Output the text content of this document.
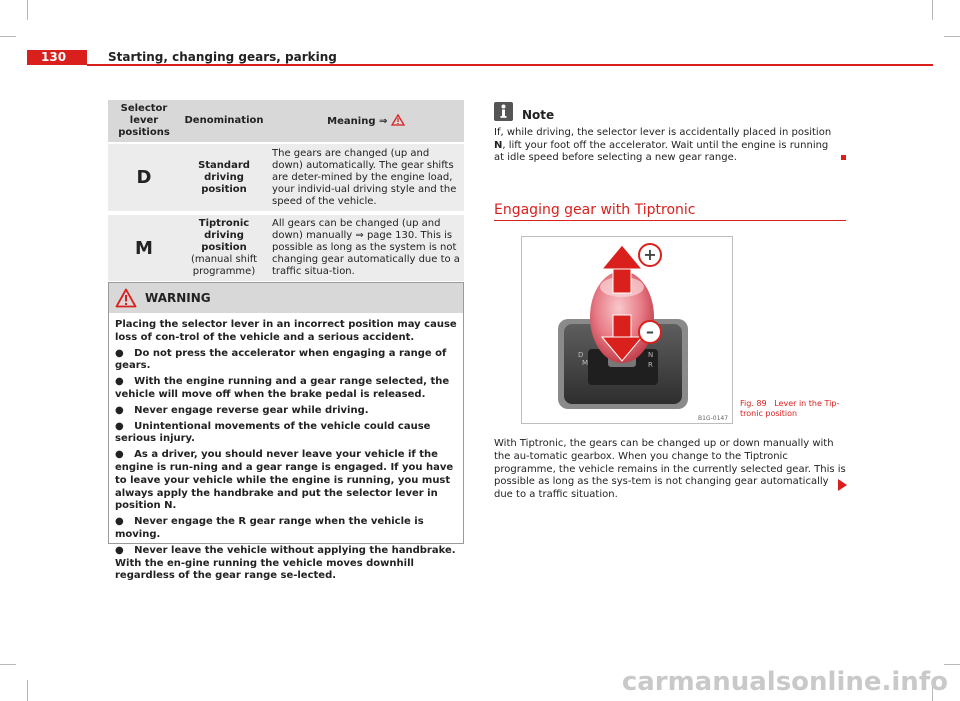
130	Starting, changing gears, parking
Selector lever positions	Denomination	Meaning ⇒
D	Standard driving position	The gears are changed (up and down) automatically. The gear shifts are deter-mined by the engine load, your individ-ual driving style and the speed of the vehicle.
M	Tiptronic driving position (manual shift programme)	All gears can be changed (up and down) manually ⇒ page 130. This is possible as long as the system is not changing gear automatically due to a traffic situa-tion.
WARNING

Placing the selector lever in an incorrect position may cause loss of con-trol of the vehicle and a serious accident.

●   Do not press the accelerator when engaging a range of gears.

●   With the engine running and a gear range selected, the vehicle will move off when the brake pedal is released.

●   Never engage reverse gear while driving.

●   Unintentional movements of the vehicle could cause serious injury.

●   As a driver, you should never leave your vehicle if the engine is run-ning and a gear range is engaged. If you have to leave your vehicle while the engine is running, you must always apply the handbrake and put the selector lever in position N.

●   Never engage the R gear range when the vehicle is moving.

●   Never leave the vehicle without applying the handbrake. With the en-gine running the vehicle moves downhill regardless of the gear range se-lected.

Note
If, while driving, the selector lever is accidentally placed in position N, lift your foot off the accelerator. Wait until the engine is running at idle speed before selecting a new gear range.
Engaging gear with Tiptronic
D
M
N
R
+
–
B1G-0147
Fig. 89 Lever in the Tip-tronic position
With Tiptronic, the gears can be changed up or down manually with the au-tomatic gearbox. When you change to the Tiptronic programme, the vehicle remains in the currently selected gear. This is possible as long as the sys-tem is not changing gear automatically due to a traffic situation.
carmanualsonline.info
